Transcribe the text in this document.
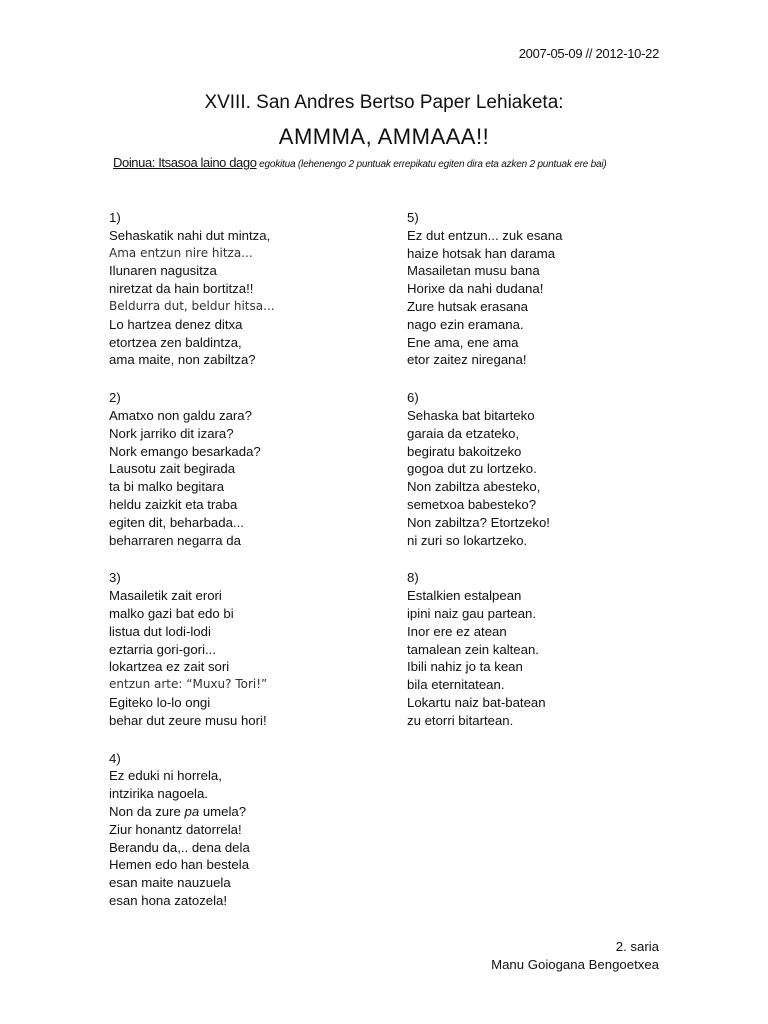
2007-05-09 // 2012-10-22
XVIII. San Andres Bertso Paper Lehiaketa:
AMMMA, AMMAAA!!
Doinua: Itsasoa laino dago egokitua (lehenengo 2 puntuak errepikatu egiten dira eta azken 2 puntuak ere bai)
1)
Sehaskatik nahi dut mintza,
Ama entzun nire hitza...
Ilunaren nagusitza
niretzat da hain bortitza!!
Beldurra dut, beldur hitsa...
Lo hartzea denez ditxa
etortzea zen baldintza,
ama maite, non zabiltza?
2)
Amatxo non galdu zara?
Nork jarriko dit izara?
Nork emango besarkada?
Lausotu zait begirada
ta bi malko begitara
heldu zaizkit eta traba
egiten dit, beharbada...
beharraren negarra da
3)
Masailetik zait erori
malko gazi bat edo bi
listua dut lodi-lodi
eztarria gori-gori...
lokartzea ez zait sori
entzun arte: “Muxu? Tori!”
Egiteko lo-lo ongi
behar dut zeure musu hori!
4)
Ez eduki ni horrela,
intzirika nagoela.
Non da zure pa umela?
Ziur honantz datorrela!
Berandu da,.. dena dela
Hemen edo han bestela
esan maite nauzuela
esan hona zatozela!
5)
Ez dut entzun... zuk esana
haize hotsak han darama
Masailetan musu bana
Horixe da nahi dudana!
Zure hutsak erasana
nago ezin eramana.
Ene ama, ene ama
etor zaitez niregana!
6)
Sehaska bat bitarteko
garaia da etzateko,
begiratu bakoitzeko
gogoa dut zu lortzeko.
Non zabiltza abesteko,
semetxoa babesteko?
Non zabiltza? Etortzeko!
ni zuri so lokartzeko.
8)
Estalkien estalpean
ipini naiz gau partean.
Inor ere ez atean
tamalean zein kaltean.
Ibili nahiz jo ta kean
bila eternitatean.
Lokartu naiz bat-batean
zu etorri bitartean.
2. saria
Manu Goiogana Bengoetxea
